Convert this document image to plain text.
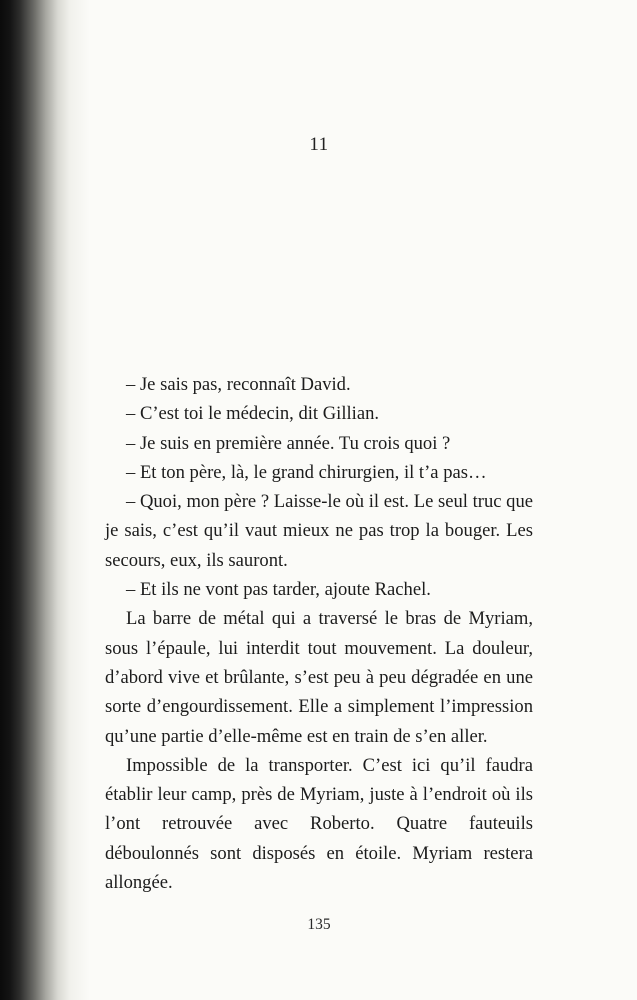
11

– Je sais pas, reconnaît David.

– C’est toi le médecin, dit Gillian.

– Je suis en première année. Tu crois quoi ?

– Et ton père, là, le grand chirurgien, il t’a pas…

– Quoi, mon père ? Laisse-le où il est. Le seul truc que je sais, c’est qu’il vaut mieux ne pas trop la bouger. Les secours, eux, ils sauront.

– Et ils ne vont pas tarder, ajoute Rachel.

La barre de métal qui a traversé le bras de Myriam, sous l’épaule, lui interdit tout mouvement. La douleur, d’abord vive et brûlante, s’est peu à peu dégradée en une sorte d’engourdissement. Elle a simplement l’impression qu’une partie d’elle-même est en train de s’en aller.

Impossible de la transporter. C’est ici qu’il faudra établir leur camp, près de Myriam, juste à l’endroit où ils l’ont retrouvée avec Roberto. Quatre fauteuils déboulonnés sont disposés en étoile. Myriam restera allongée.

135
